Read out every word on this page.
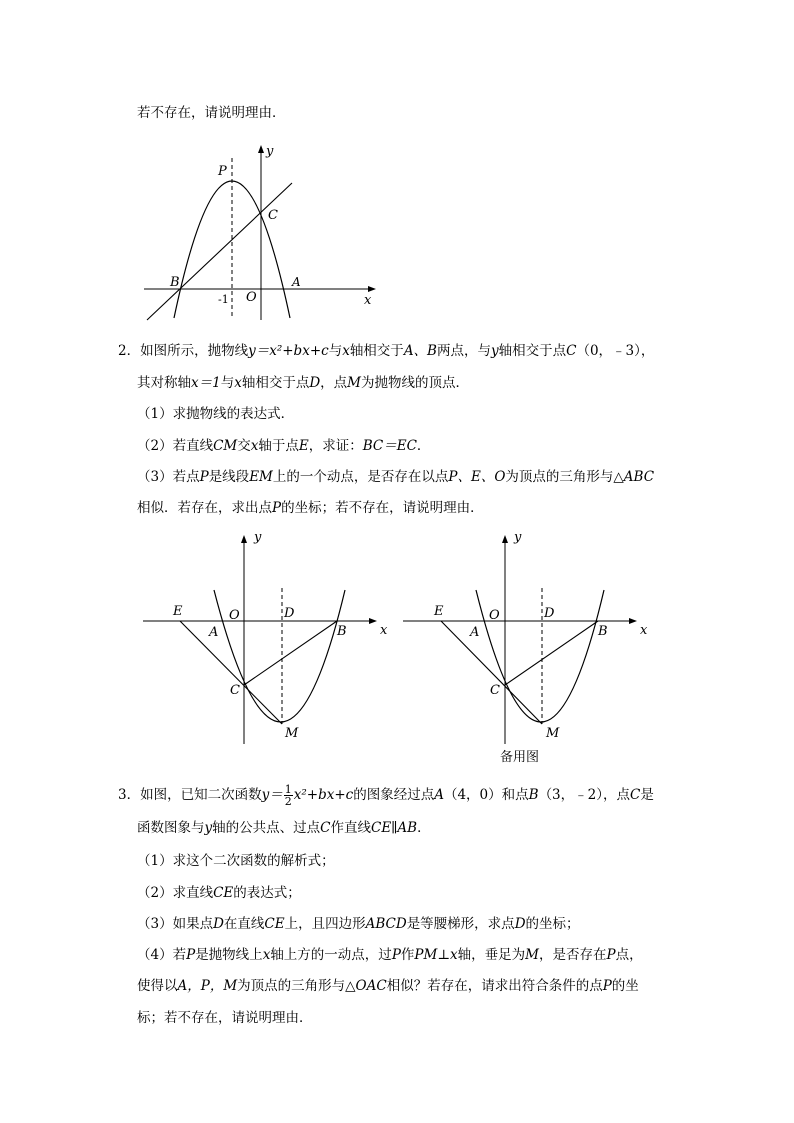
若不存在，请说明理由．
P
C
B	A
O
-1	x
y
2．如图所示，抛物线y＝x²+bx+c与x轴相交于A、B两点，与y轴相交于点C（0，﹣3），
其对称轴x＝1与x轴相交于点D，点M为抛物线的顶点．
（1）求抛物线的表达式．
（2）若直线CM交x轴于点E，求证：BC＝EC．
（3）若点P是线段EM上的一个动点，是否存在以点P、E、O为顶点的三角形与△ABC
相似．若存在，求出点P的坐标；若不存在，请说明理由．
E	O	D
A	B
C
M
x
y
E	O	D
A	B
C
M
x
y
备用图
3．如图，已知二次函数$y= \frac{1}{2} x^2+bx+c$的图象经过点A（4，0）和点B（3，﹣2），点C是
函数图象与y轴的公共点、过点C作直线CE∥AB．
（1）求这个二次函数的解析式；
（2）求直线CE的表达式；
（3）如果点D在直线CE上，且四边形ABCD是等腰梯形，求点D的坐标；
（4）若P是抛物线上x轴上方的一动点，过P作PM⊥x轴，垂足为M，是否存在P点，
使得以A，P，M为顶点的三角形与△OAC相似？若存在，请求出符合条件的点P的坐
标；若不存在，请说明理由．
